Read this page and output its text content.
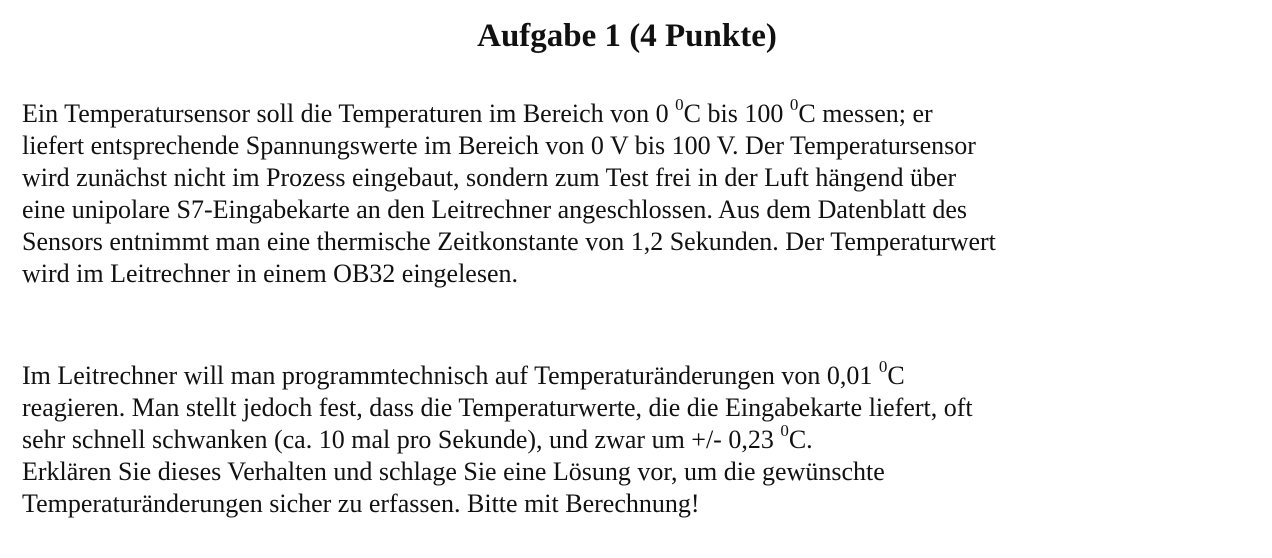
Aufgabe 1 (4 Punkte)
Ein Temperatursensor soll die Temperaturen im Bereich von 0 $^0$C bis 100 $^0$C messen; er
liefert entsprechende Spannungswerte im Bereich von 0 V bis 100 V. Der Temperatursensor
wird zunächst nicht im Prozess eingebaut, sondern zum Test frei in der Luft hängend über
eine unipolare S7-Eingabekarte an den Leitrechner angeschlossen. Aus dem Datenblatt des
Sensors entnimmt man eine thermische Zeitkonstante von 1,2 Sekunden. Der Temperaturwert
wird im Leitrechner in einem OB32 eingelesen.
Im Leitrechner will man programmtechnisch auf Temperaturänderungen von 0,01 $^0$C
reagieren. Man stellt jedoch fest, dass die Temperaturwerte, die die Eingabekarte liefert, oft
sehr schnell schwanken (ca. 10 mal pro Sekunde), und zwar um +/- 0,23 $^0$C.
Erklären Sie dieses Verhalten und schlage Sie eine Lösung vor, um die gewünschte
Temperaturänderungen sicher zu erfassen. Bitte mit Berechnung!
